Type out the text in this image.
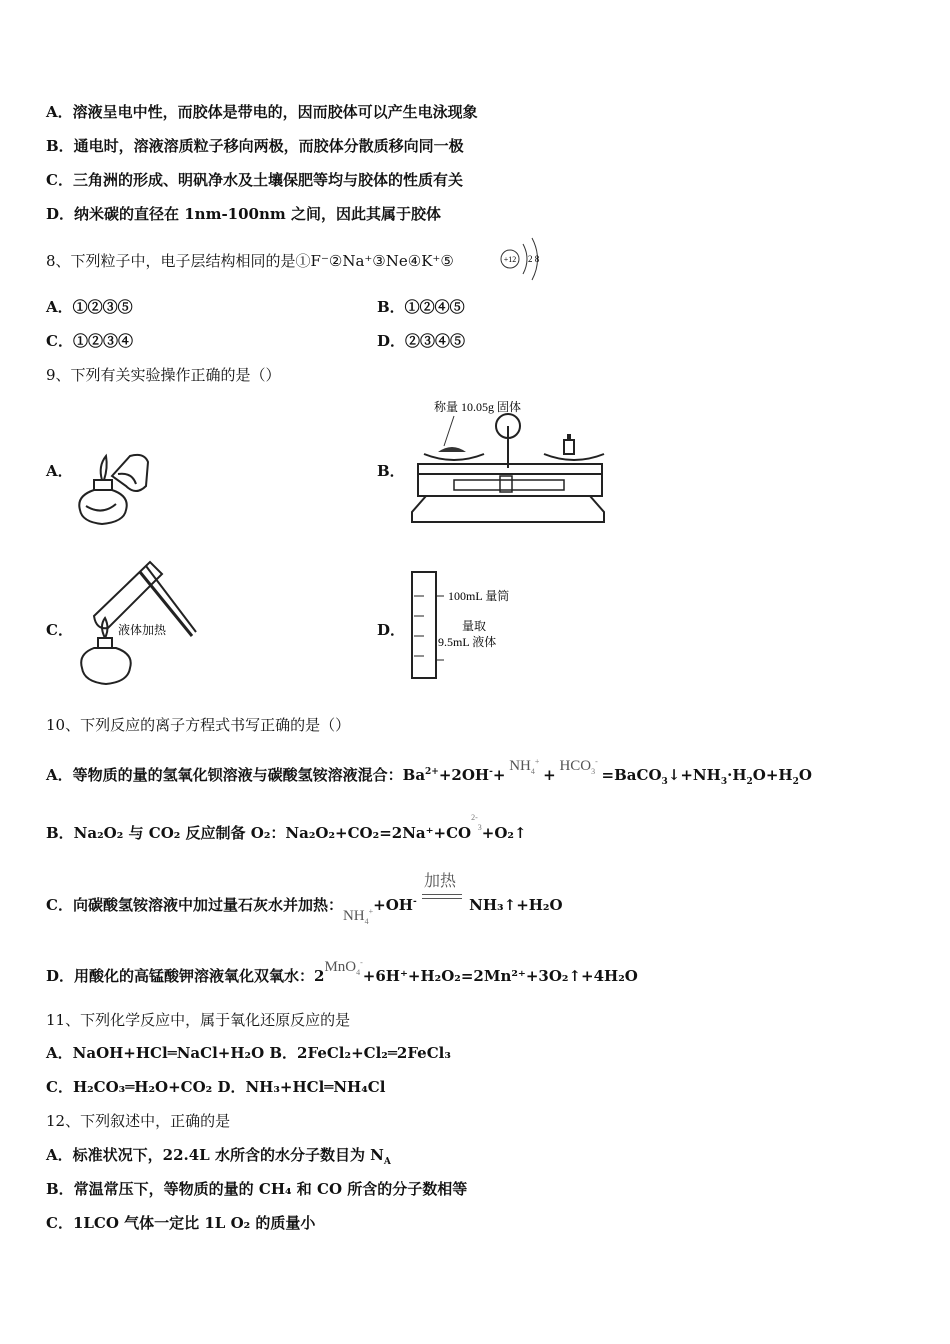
A．溶液呈电中性，而胶体是带电的，因而胶体可以产生电泳现象
B．通电时，溶液溶质粒子移向两极，而胶体分散质移向同一极
C．三角洲的形成、明矾净水及土壤保肥等均与胶体的性质有关
D．纳米碳的直径在 1nm-100nm 之间，因此其属于胶体
8、下列粒子中，电子层结构相同的是①F⁻②Na⁺③Ne④K⁺⑤	+12 2 8
A．①②③⑤	B．①②④⑤
C．①②③④	D．②③④⑤
9、下列有关实验操作正确的是（）
A．	B．
称量 10.05g 固体
C．	液体加热	D．
100mL 量筒
量取
9.5mL 液体
10、下列反应的离子方程式书写正确的是（）
A．等物质的量的氢氧化钡溶液与碳酸氢铵溶液混合：$Ba^{2+}+2OH^-+ NH_4^+ + HCO_3^-$ $=BaCO_3↓+NH_3\cdot H_2O+H_2O$
B．Na₂O₂ 与 CO₂ 反应制备 O₂：$Na_2O_2+CO_2=2Na^++CO^{2-}_3+O_2↑$
C．向碳酸氢铵溶液中加过量石灰水并加热：$NH_4^++OH^-$
加热
NH₃↑+H₂O
D．用酸化的高锰酸钾溶液氧化双氧水：2MnO$_4$-+6H⁺+H₂O₂=2Mn²⁺+3O₂↑+4H₂O
11、下列化学反应中，属于氧化还原反应的是
A．NaOH+HCl═NaCl+H₂O B．2FeCl₂+Cl₂═2FeCl₃
C．H₂CO₃═H₂O+CO₂ D．NH₃+HCl═NH₄Cl
12、下列叙述中，正确的是
A．标准状况下，22.4L 水所含的水分子数目为 $N_A$
B．常温常压下，等物质的量的 CH₄ 和 CO 所含的分子数相等
C．1LCO 气体一定比 1L O₂ 的质量小
